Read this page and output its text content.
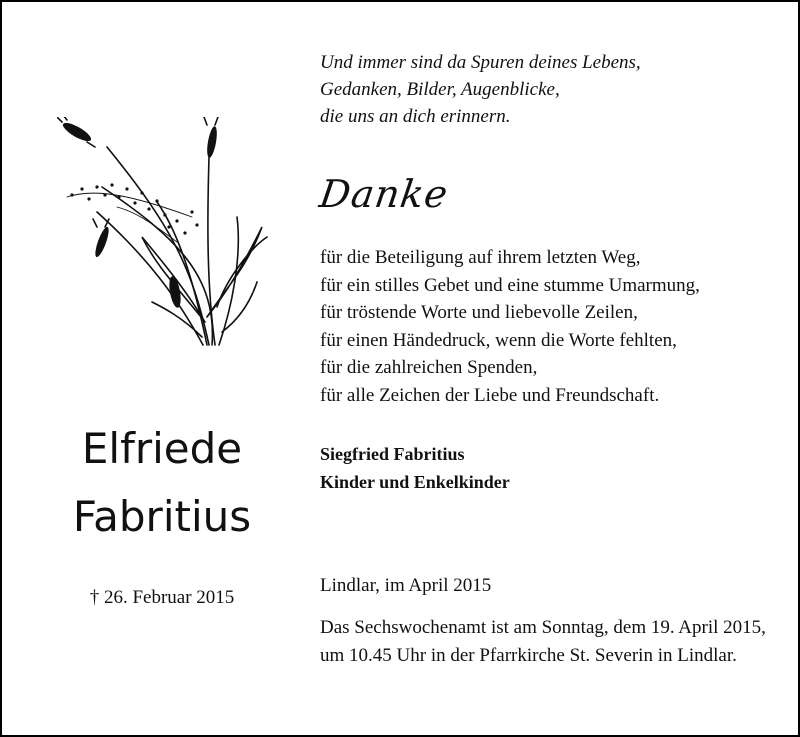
Elfriede
Fabritius
† 26. Februar 2015
Und immer sind da Spuren deines Lebens,
Gedanken, Bilder, Augenblicke,
die uns an dich erinnern.
Danke
für die Beteiligung auf ihrem letzten Weg,
für ein stilles Gebet und eine stumme Umarmung,
für tröstende Worte und liebevolle Zeilen,
für einen Händedruck, wenn die Worte fehlten,
für die zahlreichen Spenden,
für alle Zeichen der Liebe und Freundschaft.
Siegfried Fabritius
Kinder und Enkelkinder
Lindlar, im April 2015
Das Sechswochenamt ist am Sonntag, dem 19. April 2015, um 10.45 Uhr in der Pfarrkirche St. Severin in Lindlar.
